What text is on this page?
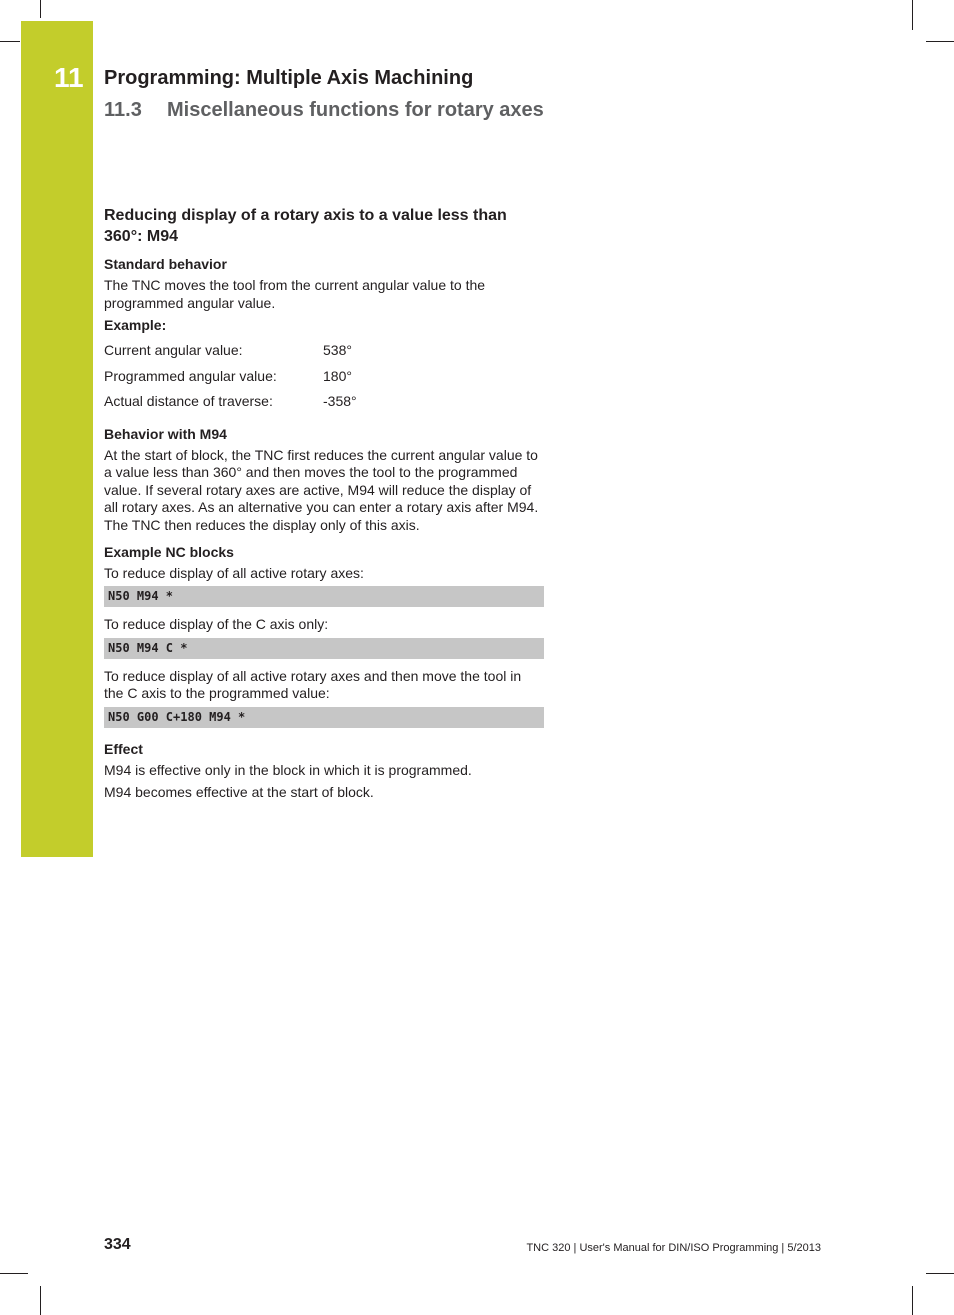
11 Programming: Multiple Axis Machining
11.3 Miscellaneous functions for rotary axes
Reducing display of a rotary axis to a value less than 360°: M94
Standard behavior
The TNC moves the tool from the current angular value to the programmed angular value.
Example:
Current angular value:	538°
Programmed angular value:	180°
Actual distance of traverse:	-358°
Behavior with M94
At the start of block, the TNC first reduces the current angular value to a value less than 360° and then moves the tool to the programmed value. If several rotary axes are active, M94 will reduce the display of all rotary axes. As an alternative you can enter a rotary axis after M94. The TNC then reduces the display only of this axis.
Example NC blocks
To reduce display of all active rotary axes:
N50 M94 *
To reduce display of the C axis only:
N50 M94 C *
To reduce display of all active rotary axes and then move the tool in the C axis to the programmed value:
N50 G00 C+180 M94 *
Effect
M94 is effective only in the block in which it is programmed.
M94 becomes effective at the start of block.
334	TNC 320 | User's Manual for DIN/ISO Programming | 5/2013
